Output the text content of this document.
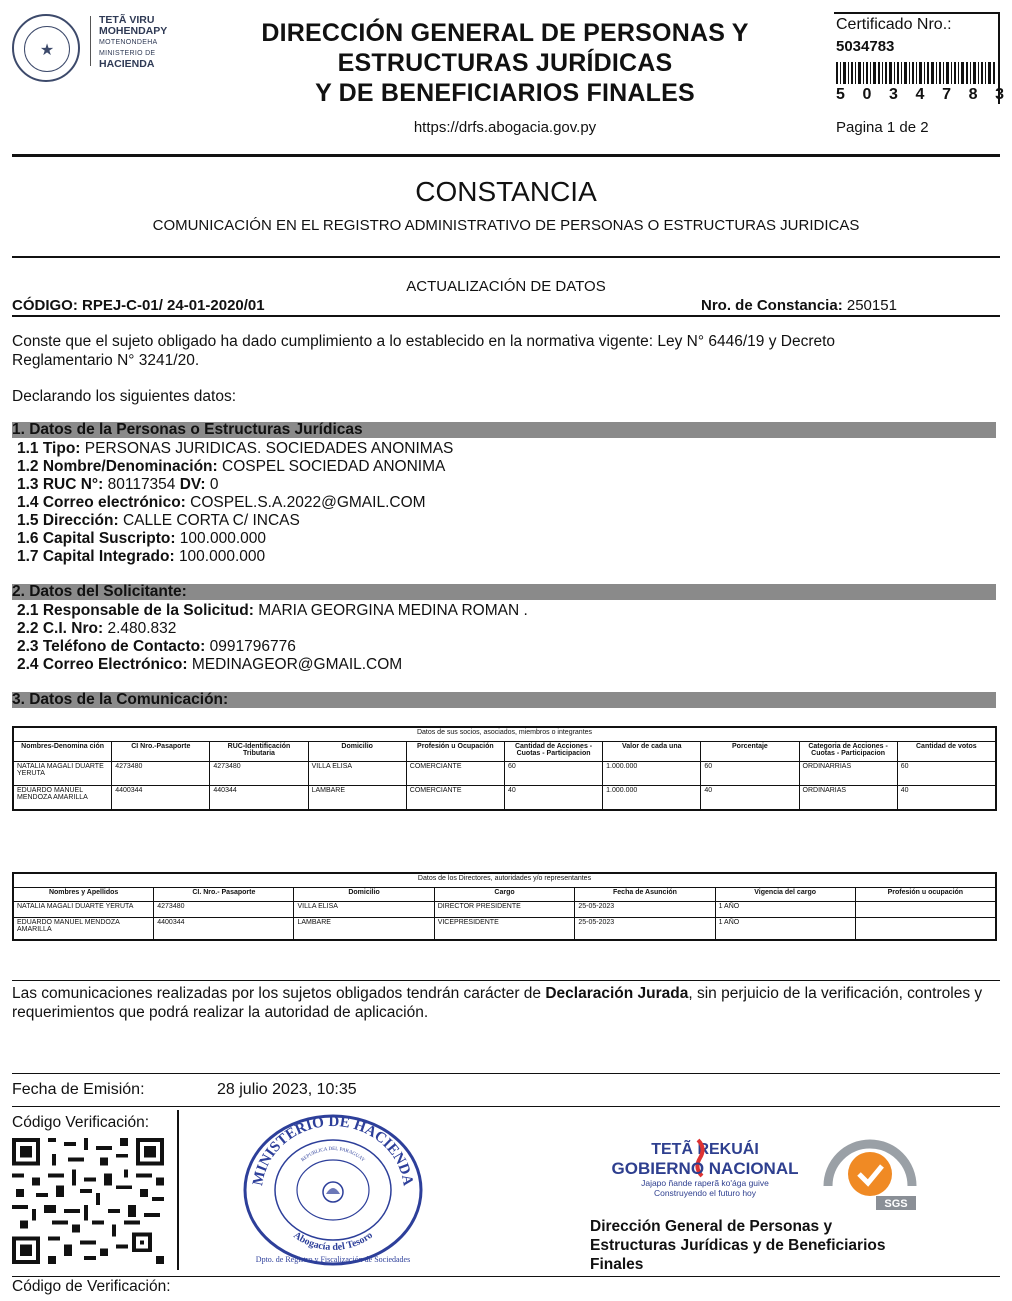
★
TETÃ VIRU
MOHENDAPY
MOTENONDEHA
MINISTERIO DE
HACIENDA
DIRECCIÓN GENERAL DE PERSONAS Y
ESTRUCTURAS JURÍDICAS
Y DE BENEFICIARIOS FINALES
https://drfs.abogacia.gov.py
Certificado Nro.:
5034783
5 0 3 4 7 8 3
Pagina 1 de 2
CONSTANCIA
COMUNICACIÓN EN EL REGISTRO ADMINISTRATIVO DE PERSONAS O ESTRUCTURAS JURIDICAS
ACTUALIZACIÓN DE DATOS
CÓDIGO: RPEJ-C-01/ 24-01-2020/01	Nro. de Constancia: 250151
Conste que el sujeto obligado ha dado cumplimiento a lo establecido en la normativa vigente: Ley N° 6446/19 y Decreto
Reglamentario N° 3241/20.
Declarando los siguientes datos:
1. Datos de la Personas o Estructuras Jurídicas
1.1 Tipo: PERSONAS JURIDICAS. SOCIEDADES ANONIMAS
1.2 Nombre/Denominación: COSPEL SOCIEDAD ANONIMA
1.3 RUC N°: 80117354 DV: 0
1.4 Correo electrónico: COSPEL.S.A.2022@GMAIL.COM
1.5 Dirección: CALLE CORTA C/ INCAS
1.6 Capital Suscripto: 100.000.000
1.7 Capital Integrado: 100.000.000
2. Datos del Solicitante:
2.1 Responsable de la Solicitud: MARIA GEORGINA MEDINA ROMAN .
2.2 C.I. Nro: 2.480.832
2.3 Teléfono de Contacto: 0991796776
2.4 Correo Electrónico: MEDINAGEOR@GMAIL.COM
3. Datos de la Comunicación:
Datos de sus socios, asociados, miembros o integrantes									
Nombres-Denomina ción	CI Nro.-Pasaporte	RUC-Identificación Tributaria	Domicilio	Profesión u Ocupación	Cantidad de Acciones - Cuotas - Participacion	Valor de cada una	Porcentaje	Categoria de Acciones - Cuotas - Participacion	Cantidad de votos
NATALIA MAGALI DUARTE YERUTA	4273480	4273480	VILLA ELISA	COMERCIANTE	60	1.000.000	60	ORDINARRIAS	60
EDUARDO MANUEL MENDOZA AMARILLA	4400344	440344	LAMBARE	COMERCIANTE	40	1.000.000	40	ORDINARIAS	40
Datos de los Directores, autoridades y/o representantes						
Nombres y Apellidos	CI. Nro.- Pasaporte	Domicilio	Cargo	Fecha de Asunción	Vigencia del cargo	Profesión u ocupación
NATALIA MAGALI DUARTE YERUTA	4273480	VILLA ELISA	DIRECTOR PRESIDENTE	25-05-2023	1 AÑO	
EDUARDO MANUEL MENDOZA AMARILLA	4400344	LAMBARE	VICEPRESIDENTE	25-05-2023	1 AÑO	
Las comunicaciones realizadas por los sujetos obligados tendrán carácter de Declaración Jurada, sin perjuicio de la verificación, controles y requerimientos que podrá realizar la autoridad de aplicación.
Fecha de Emisión:	28 julio 2023, 10:35
Código Verificación:
MINISTERIO DE HACIENDA
Abogacía del Tesoro
REPUBLICA DEL PARAGUAY
Dpto. de Registro y Fiscalización de Sociedades
TETÃ REKUÁI
GOBIERNO NACIONAL
Jajapo ñande raperã ko'ága guive
Construyendo el futuro hoy
SGS
Dirección General de Personas y
Estructuras Jurídicas y de Beneficiarios
Finales
Código de Verificación:
